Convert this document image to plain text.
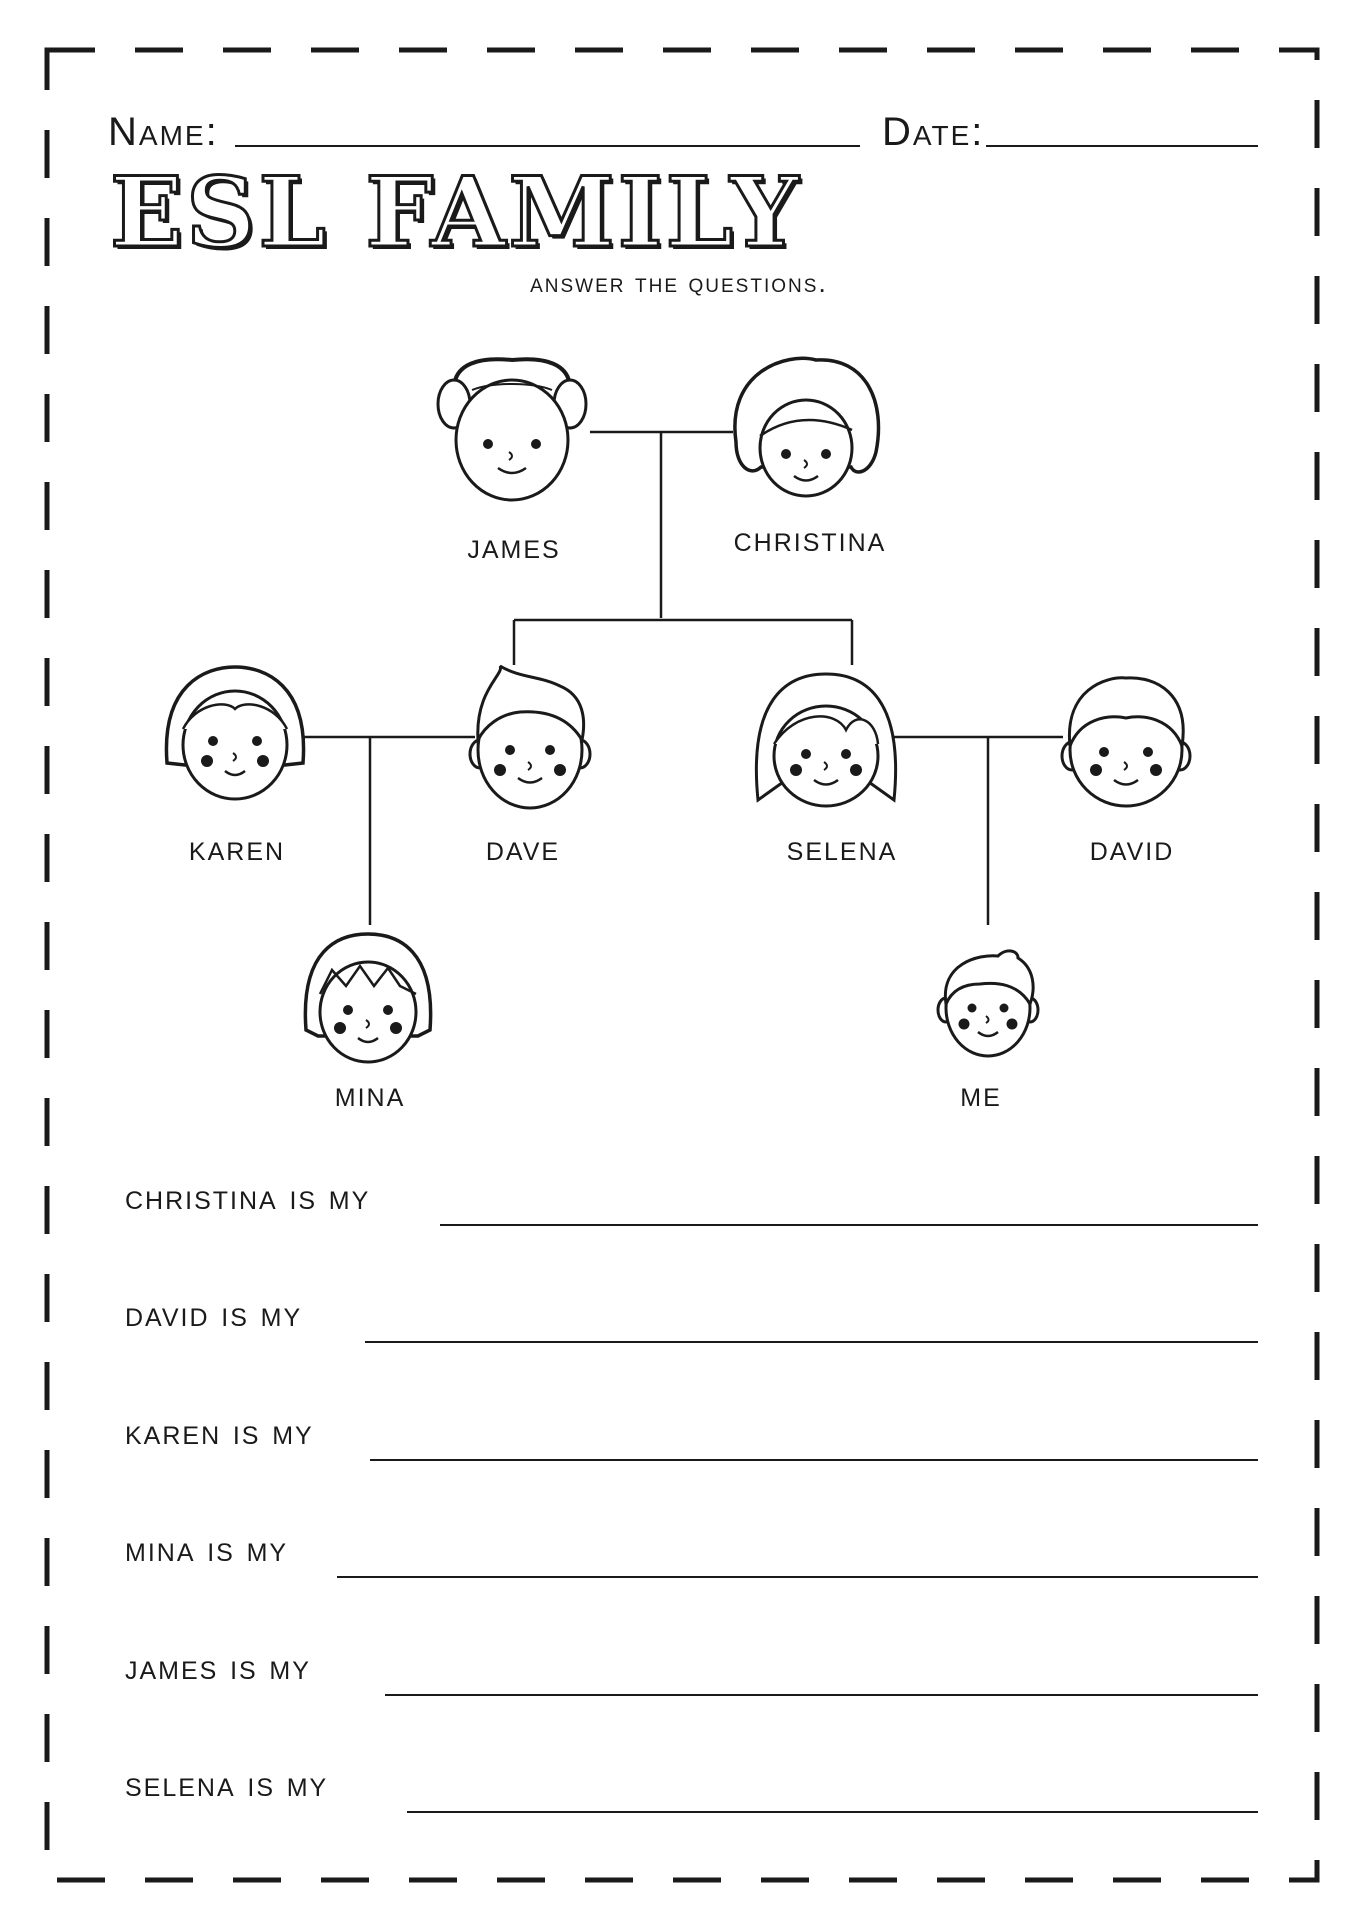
Name:	Date:
ESL FAMILY
answer the questions.
james	christina
karen	dave	selena	david
mina	me
christina is my
david is my
karen is my
mina is my
james is my
selena is my
